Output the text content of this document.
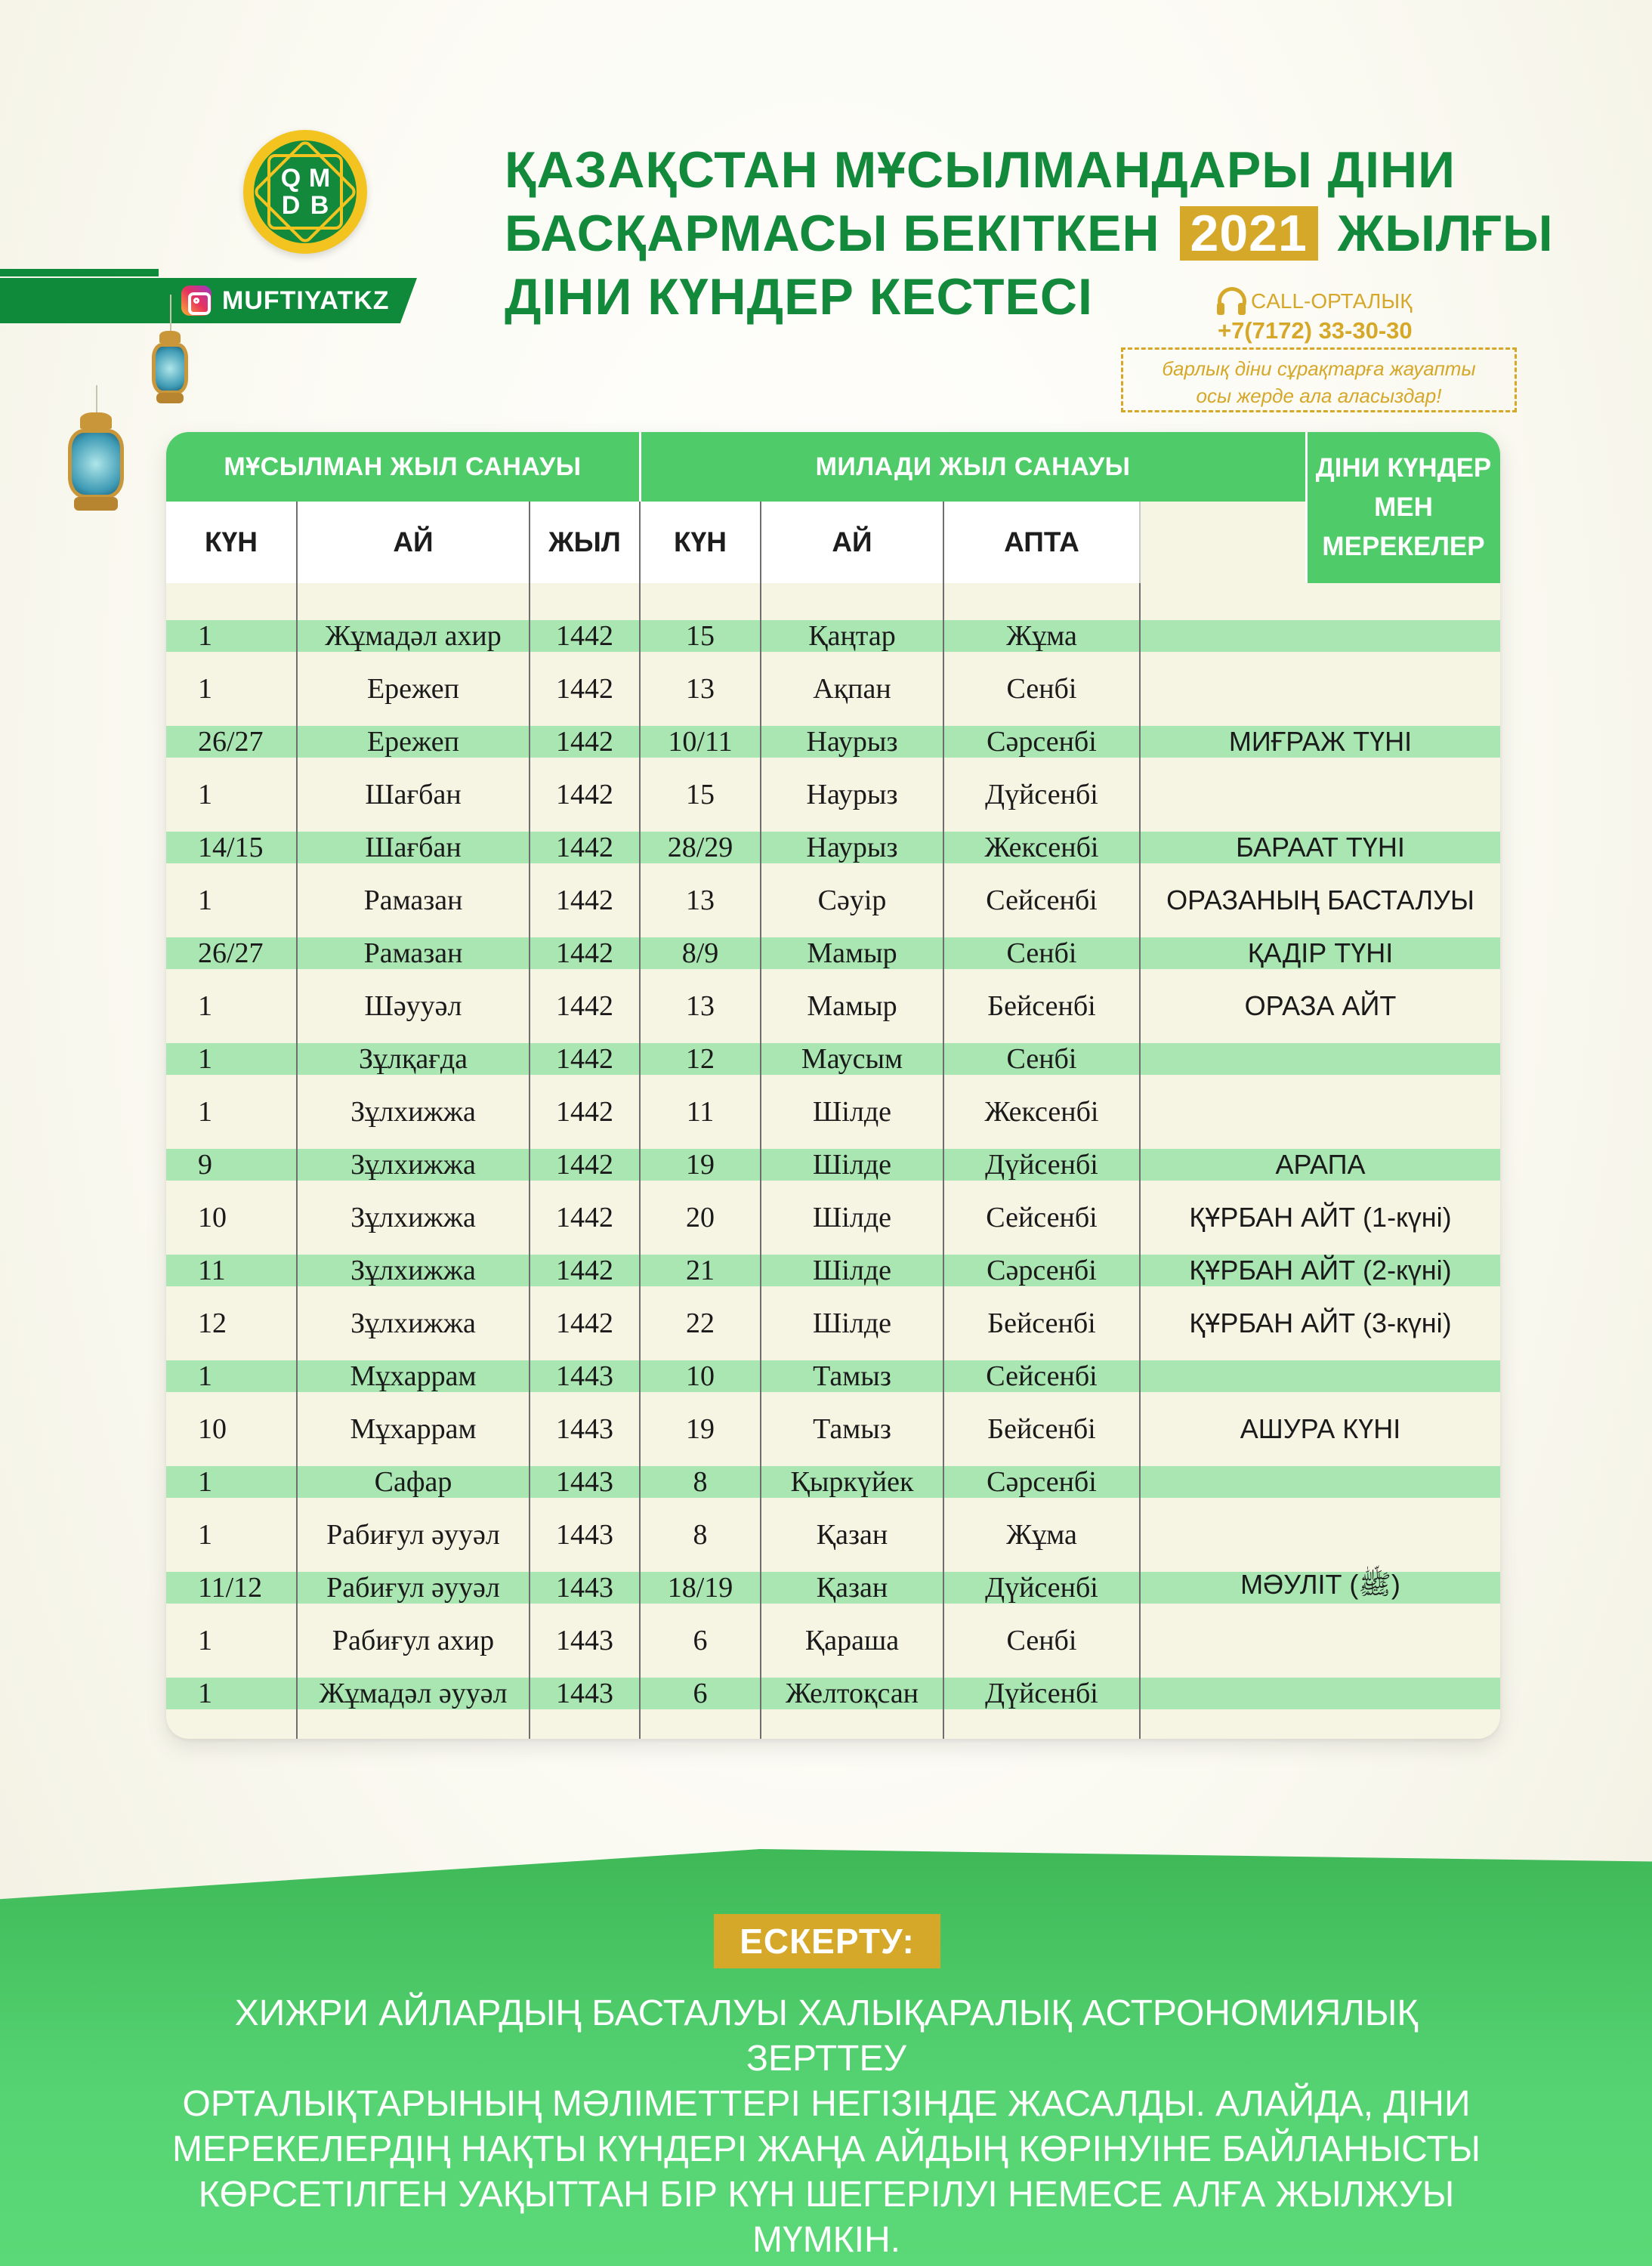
MUFTIYATKZ
Q M
D B
ҚАЗАҚСТАН МҰСЫЛМАНДАРЫ ДІНИ
БАСҚАРМАСЫ БЕКІТКЕН 2021 ЖЫЛҒЫ
ДІНИ КҮНДЕР КЕСТЕСІ	CALL-ОРТАЛЫҚ
+7(7172) 33-30-30
барлық діни сұрақтарға жауапты
осы жерде ала аласыздар!
МҰСЫЛМАН ЖЫЛ САНАУЫ	МИЛАДИ ЖЫЛ САНАУЫ	ДІНИ КҮНДЕР МЕН
МЕРЕКЕЛЕР
КҮН	АЙ	ЖЫЛ	КҮН	АЙ	АПТА
1	Жұмадәл ахир	1442	15	Қаңтар	Жұма
1	Ережеп	1442	13	Ақпан	Сенбі
26/27	Ережеп	1442	10/11	Наурыз	Сәрсенбі	МИҒРАЖ ТҮНІ
1	Шағбан	1442	15	Наурыз	Дүйсенбі
14/15	Шағбан	1442	28/29	Наурыз	Жексенбі	БАРААТ ТҮНІ
1	Рамазан	1442	13	Сәуір	Сейсенбі	ОРАЗАНЫҢ БАСТАЛУЫ
26/27	Рамазан	1442	8/9	Мамыр	Сенбі	ҚАДІР ТҮНІ
1	Шәууәл	1442	13	Мамыр	Бейсенбі	ОРАЗА АЙТ
1	Зұлқағда	1442	12	Маусым	Сенбі
1	Зұлхижжа	1442	11	Шілде	Жексенбі
9	Зұлхижжа	1442	19	Шілде	Дүйсенбі	АРАПА
10	Зұлхижжа	1442	20	Шілде	Сейсенбі	ҚҰРБАН АЙТ (1-күні)
11	Зұлхижжа	1442	21	Шілде	Сәрсенбі	ҚҰРБАН АЙТ (2-күні)
12	Зұлхижжа	1442	22	Шілде	Бейсенбі	ҚҰРБАН АЙТ (3-күні)
1	Мұхаррам	1443	10	Тамыз	Сейсенбі
10	Мұхаррам	1443	19	Тамыз	Бейсенбі	АШУРА КҮНІ
1	Сафар	1443	8	Қыркүйек	Сәрсенбі
1	Рабиғул әууәл	1443	8	Қазан	Жұма
11/12	Рабиғул әууәл	1443	18/19	Қазан	Дүйсенбі	МӘУЛІТ (ﷺ)
1	Рабиғул ахир	1443	6	Қараша	Сенбі
1	Жұмадәл әууәл	1443	6	Желтоқсан	Дүйсенбі
ЕСКЕРТУ:
ХИЖРИ АЙЛАРДЫҢ БАСТАЛУЫ ХАЛЫҚАРАЛЫҚ АСТРОНОМИЯЛЫҚ ЗЕРТТЕУ
ОРТАЛЫҚТАРЫНЫҢ МӘЛІМЕТТЕРІ НЕГІЗІНДЕ ЖАСАЛДЫ. АЛАЙДА, ДІНИ
МЕРЕКЕЛЕРДІҢ НАҚТЫ КҮНДЕРІ ЖАҢА АЙДЫҢ КӨРІНУІНЕ БАЙЛАНЫСТЫ
КӨРСЕТІЛГЕН УАҚЫТТАН БІР КҮН ШЕГЕРІЛУІ НЕМЕСЕ АЛҒА ЖЫЛЖУЫ МҮМКІН.
